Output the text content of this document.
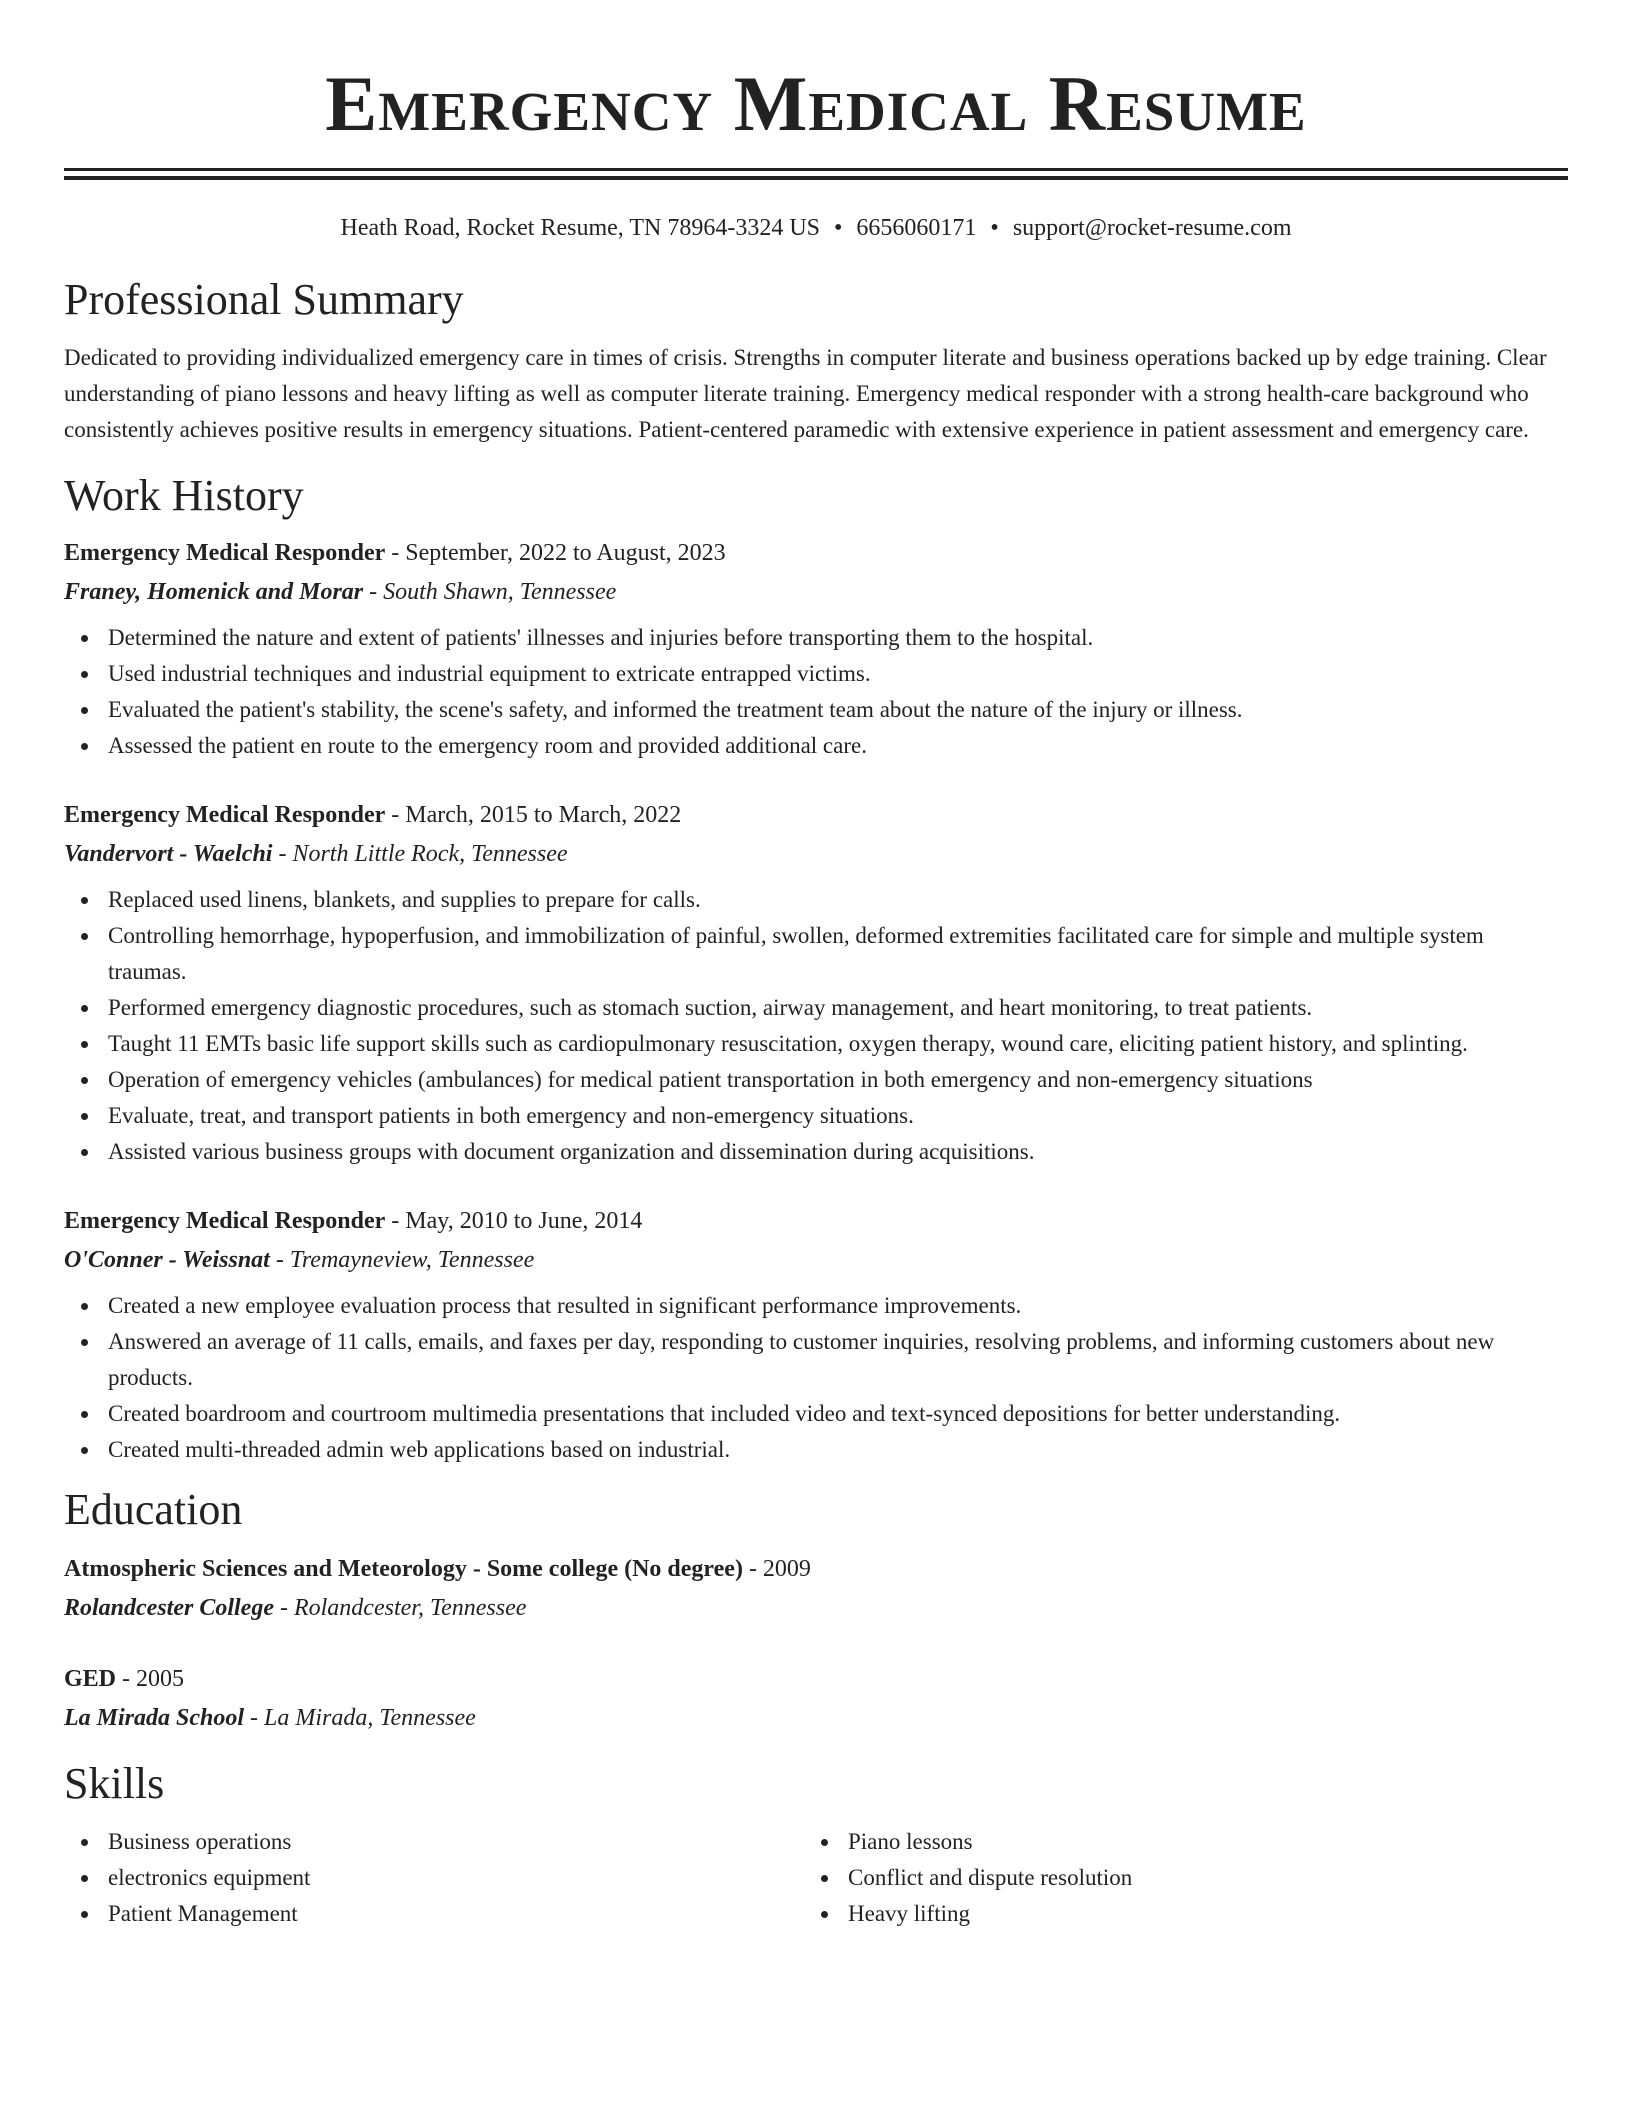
Emergency Medical Resume
Heath Road, Rocket Resume, TN 78964-3324 US • 6656060171 • support@rocket-resume.com
Professional Summary

Dedicated to providing individualized emergency care in times of crisis. Strengths in computer literate and business operations backed up by edge training. Clear understanding of piano lessons and heavy lifting as well as computer literate training. Emergency medical responder with a strong health-care background who consistently achieves positive results in emergency situations. Patient-centered paramedic with extensive experience in patient assessment and emergency care.

Work History
Emergency Medical Responder - September, 2022 to August, 2023
Franey, Homenick and Morar - South Shawn, Tennessee
Determined the nature and extent of patients' illnesses and injuries before transporting them to the hospital.
Used industrial techniques and industrial equipment to extricate entrapped victims.
Evaluated the patient's stability, the scene's safety, and informed the treatment team about the nature of the injury or illness.
Assessed the patient en route to the emergency room and provided additional care.
Emergency Medical Responder - March, 2015 to March, 2022
Vandervort - Waelchi - North Little Rock, Tennessee
Replaced used linens, blankets, and supplies to prepare for calls.
Controlling hemorrhage, hypoperfusion, and immobilization of painful, swollen, deformed extremities facilitated care for simple and multiple system traumas.
Performed emergency diagnostic procedures, such as stomach suction, airway management, and heart monitoring, to treat patients.
Taught 11 EMTs basic life support skills such as cardiopulmonary resuscitation, oxygen therapy, wound care, eliciting patient history, and splinting.
Operation of emergency vehicles (ambulances) for medical patient transportation in both emergency and non-emergency situations
Evaluate, treat, and transport patients in both emergency and non-emergency situations.
Assisted various business groups with document organization and dissemination during acquisitions.
Emergency Medical Responder - May, 2010 to June, 2014
O'Conner - Weissnat - Tremayneview, Tennessee
Created a new employee evaluation process that resulted in significant performance improvements.
Answered an average of 11 calls, emails, and faxes per day, responding to customer inquiries, resolving problems, and informing customers about new products.
Created boardroom and courtroom multimedia presentations that included video and text-synced depositions for better understanding.
Created multi-threaded admin web applications based on industrial.
Education
Atmospheric Sciences and Meteorology - Some college (No degree) - 2009
Rolandcester College - Rolandcester, Tennessee
GED - 2005
La Mirada School - La Mirada, Tennessee
Skills
Business operations
electronics equipment
Patient Management
Piano lessons
Conflict and dispute resolution
Heavy lifting
